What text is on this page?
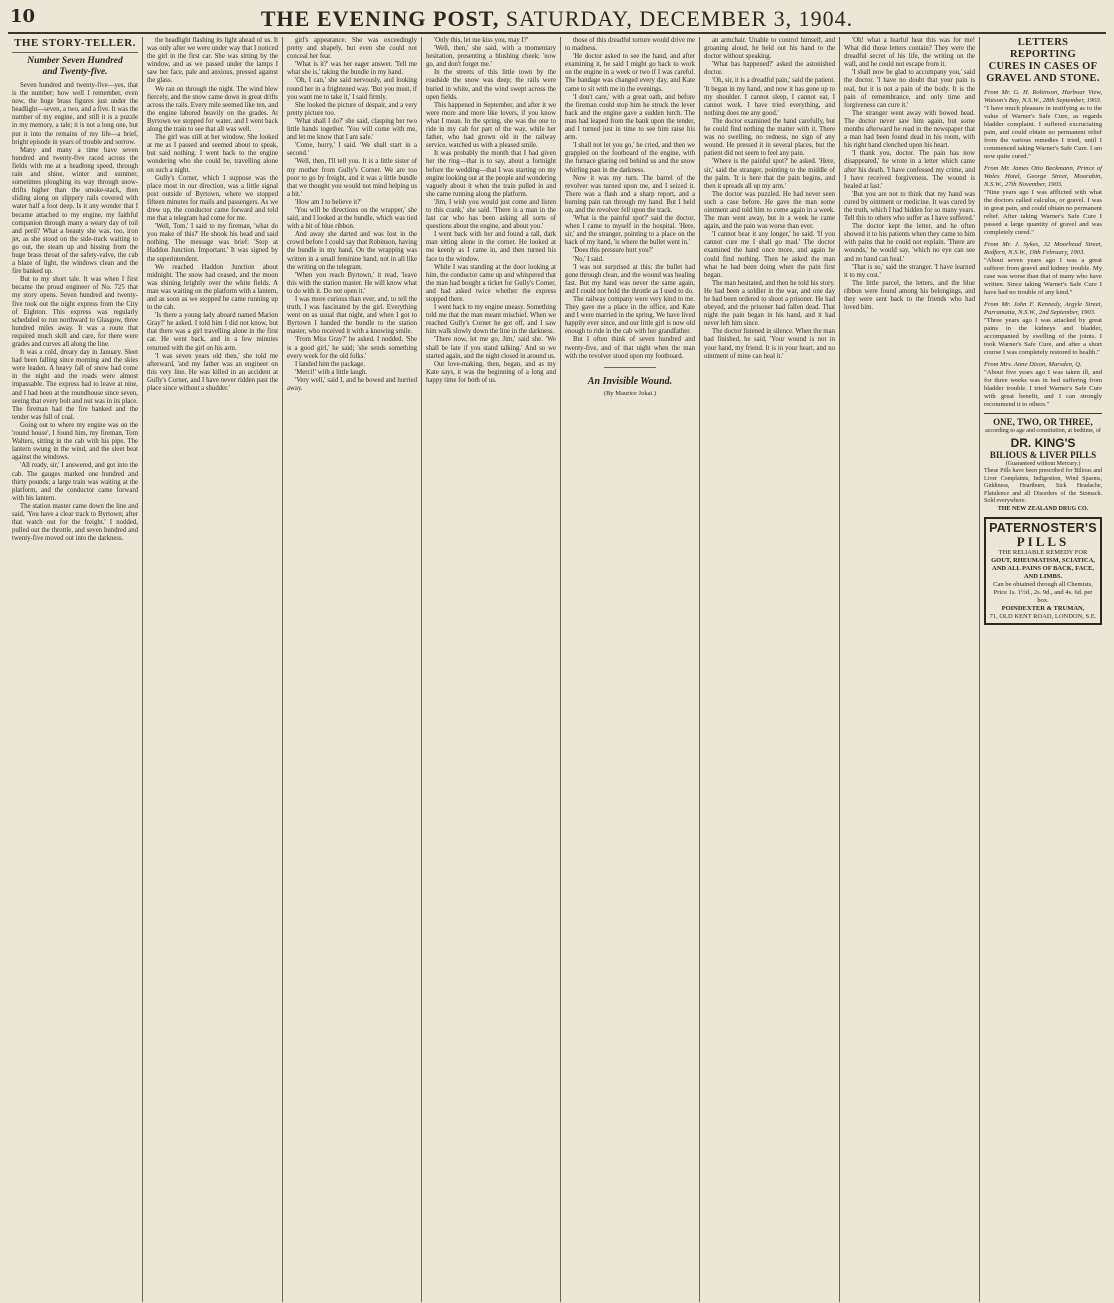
10	THE EVENING POST, SATURDAY, DECEMBER 3, 1904.
THE STORY-TELLER.
Number Seven Hundred
and Twenty-five.

Seven hundred and twenty-five—yes, that is the number; how well I remember, even now, the huge brass figures just under the headlight—seven, a two, and a five. It was the number of my engine, and still it is a puzzle in my memory, a tale; it is not a long one, but put it into the remains of my life—a brief, bright episode in years of trouble and sorrow.

Many and many a time have seven hundred and twenty-five raced across the fields with me at a headlong speed, through rain and shine, winter and summer, sometimes ploughing its way through snow-drifts higher than the smoke-stack, then sliding along on slippery rails covered with water half a foot deep. Is it any wonder that I became attached to my engine, my faithful companion through many a weary day of toil and peril? What a beauty she was, too, iron jet, as she stood on the side-track waiting to go out, the steam up and hissing from the huge brass throat of the safety-valve, the cab a blaze of light, the windows clean and the fire banked up.

But to my short tale. It was when I first became the proud engineer of No. 725 that my story opens. Seven hundred and twenty-five took out the night express from the City of Eighton. This express was regularly scheduled to run northward to Glasgow, three hundred miles away. It was a route that required much skill and care, for there were grades and curves all along the line.

It was a cold, dreary day in January. Sleet had been falling since morning and the skies were leaden. A heavy fall of snow had come in the night and the roads were almost impassable. The express had to leave at nine, and I had been at the roundhouse since seven, seeing that every bolt and nut was in its place. The fireman had the fire banked and the tender was full of coal.

Going out to where my engine was on the 'round house', I found him, my fireman, Tom Walters, sitting in the cab with his pipe. The lantern swung in the wind, and the sleet beat against the windows.

'All ready, sir,' I answered, and got into the cab. The gauges marked one hundred and thirty pounds; a large train was waiting at the platform, and the conductor came forward with his lantern.

The station master came down the line and said, 'You have a clear track to Byrtown; after that watch out for the freight.' I nodded, pulled out the throttle, and seven hundred and twenty-five moved out into the darkness.

the headlight flashing its light ahead of us. It was only after we were under way that I noticed the girl in the first car. She was sitting by the window, and as we passed under the lamps I saw her face, pale and anxious, pressed against the glass.

We ran on through the night. The wind blew fiercely, and the snow came down in great drifts across the rails. Every mile seemed like ten, and the engine labored heavily on the grades. At Byrtown we stopped for water, and I went back along the train to see that all was well.

The girl was still at her window. She looked at me as I passed and seemed about to speak, but said nothing. I went back to the engine wondering who she could be, travelling alone on such a night.

Gully's Corner, which I suppose was the place most in our direction, was a little signal post outside of Byrtown, where we stopped fifteen minutes for mails and passengers. As we drew up, the conductor came forward and told me that a telegram had come for me.

'Well, Tom,' I said to my fireman, 'what do you make of this?' He shook his head and said nothing. The message was brief: 'Stop at Haddon Junction. Important.' It was signed by the superintendent.

We reached Haddon Junction about midnight. The snow had ceased, and the moon was shining brightly over the white fields. A man was waiting on the platform with a lantern, and as soon as we stopped he came running up to the cab.

'Is there a young lady aboard named Marion Gray?' he asked. I told him I did not know, but that there was a girl travelling alone in the first car. He went back, and in a few minutes returned with the girl on his arm.

'I was seven years old then,' she told me afterward, 'and my father was an engineer on this very line. He was killed in an accident at Gully's Corner, and I have never ridden past the place since without a shudder.'

girl's appearance. She was exceedingly pretty and shapely, but even she could not conceal her fear.

'What is it?' was her eager answer. 'Tell me what she is,' taking the bundle in my hand.

'Oh, I can,' she said nervously, and looking round her in a frightened way. 'But you must, if you want me to take it,' I said firmly.

She looked the picture of despair, and a very pretty picture too.

'What shall I do?' she said, clasping her two little hands together. 'You will come with me, and let me know that I am safe.'

'Come, hurry,' I said. 'We shall start in a second.'

'Well, then, I'll tell you. It is a little sister of my mother from Gully's Corner. We are too poor to go by freight, and it was a little bundle that we thought you would not mind helping us a bit.'

'How am I to believe it?'

'You will be directions on the wrapper,' she said, and I looked at the bundle, which was tied with a bit of blue ribbon.

And away she darted and was lost in the crowd before I could say that Robinson, having the bundle in my hand, On the wrapping was written in a small feminine hand, not in all like the writing on the telegram.

'When you reach Byrtown,' it read, 'leave this with the station master. He will know what to do with it. Do not open it.'

I was more curious than ever, and, to tell the truth, I was fascinated by the girl. Everything went on as usual that night, and when I got to Byrtown I handed the bundle to the station master, who received it with a knowing smile.

'From Miss Gray?' he asked. I nodded. 'She is a good girl,' he said; 'she sends something every week for the old folks.'

I landed him the package.

'Merci!' with a little laugh.

'Very well,' said I, and he bowed and hurried away.

'Only this, let me kiss you, may I?'

'Well, then,' she said, with a momentary hesitation, presenting a blushing cheek; 'now go, and don't forget me.'

In the streets of this little town by the roadside the snow was deep; the rails were buried in white, and the wind swept across the open fields.

This happened in September, and after it we were more and more like lovers, if you know what I mean. In the spring, she was the one to ride in my cab for part of the way, while her father, who had grown old in the railway service, watched us with a pleased smile.

It was probably the month that I had given her the ring—that is to say, about a fortnight before the wedding—that I was starting on my engine looking out at the people and wondering vaguely about it when the train pulled in and she came running along the platform.

'Jim, I wish you would just come and listen to this crank,' she said. 'There is a man in the last car who has been asking all sorts of questions about the engine, and about you.'

I went back with her and found a tall, dark man sitting alone in the corner. He looked at me keenly as I came in, and then turned his face to the window.

While I was standing at the door looking at him, the conductor came up and whispered that the man had bought a ticket for Gully's Corner, and had asked twice whether the express stopped there.

I went back to my engine uneasy. Something told me that the man meant mischief. When we reached Gully's Corner he got off, and I saw him walk slowly down the line in the darkness.

'There now, let me go, Jim,' said she. 'We shall be late if you stand talking.' And so we started again, and the night closed in around us.

Our love-making, then, began, and as my Kate says, it was the beginning of a long and happy time for both of us.

those of this dreadful torture would drive me to madness.

'He doctor asked to see the hand, and after examining it, he said I might go back to work on the engine in a week or two if I was careful. The bandage was changed every day, and Kate came to sit with me in the evenings.

'I don't care,' with a great oath, and before the fireman could stop him he struck the lever back and the engine gave a sudden lurch. The man had leaped from the bank upon the tender, and I turned just in time to see him raise his arm.

'I shall not let you go,' he cried, and then we grappled on the footboard of the engine, with the furnace glaring red behind us and the snow whirling past in the darkness.

Now it was my turn. The barrel of the revolver was turned upon me, and I seized it. There was a flash and a sharp report, and a burning pain ran through my hand. But I held on, and the revolver fell upon the track.

'What is the painful spot?' said the doctor, when I came to myself in the hospital. 'Here, sir,' and the stranger, pointing to a place on the back of my hand, 'is where the bullet went in.'

'Does this pressure hurt you?'

'No,' I said.

'I was not surprised at this; the bullet had gone through clean, and the wound was healing fast. But my hand was never the same again, and I could not hold the throttle as I used to do.

The railway company were very kind to me. They gave me a place in the office, and Kate and I were married in the spring. We have lived happily ever since, and our little girl is now old enough to ride in the cab with her grandfather.

But I often think of seven hundred and twenty-five, and of that night when the man with the revolver stood upon my footboard.

An Invisible Wound.
(By Maurice Jokai.)

an armchair. Unable to control himself, and groaning aloud, he held out his hand to the doctor without speaking.

'What has happened?' asked the astonished doctor.

'Oh, sir, it is a dreadful pain,' said the patient. 'It began in my hand, and now it has gone up to my shoulder. I cannot sleep, I cannot eat, I cannot work. I have tried everything, and nothing does me any good.'

The doctor examined the hand carefully, but he could find nothing the matter with it. There was no swelling, no redness, no sign of any wound. He pressed it in several places, but the patient did not seem to feel any pain.

'Where is the painful spot?' he asked. 'Here, sir,' said the stranger, pointing to the middle of the palm. 'It is here that the pain begins, and then it spreads all up my arm.'

The doctor was puzzled. He had never seen such a case before. He gave the man some ointment and told him to come again in a week. The man went away, but in a week he came again, and the pain was worse than ever.

'I cannot bear it any longer,' he said. 'If you cannot cure me I shall go mad.' The doctor examined the hand once more, and again he could find nothing. Then he asked the man what he had been doing when the pain first began.

The man hesitated, and then he told his story. He had been a soldier in the war, and one day he had been ordered to shoot a prisoner. He had obeyed, and the prisoner had fallen dead. That night the pain began in his hand, and it had never left him since.

The doctor listened in silence. When the man had finished, he said, 'Your wound is not in your hand, my friend. It is in your heart, and no ointment of mine can heal it.'

'Oh! what a fearful heat this was for me! What did those letters contain? They were the dreadful secret of his life, the writing on the wall, and he could not escape from it.

'I shall now be glad to accompany you,' said the doctor. 'I have no doubt that your pain is real, but it is not a pain of the body. It is the pain of remembrance, and only time and forgiveness can cure it.'

The stranger went away with bowed head. The doctor never saw him again, but some months afterward he read in the newspaper that a man had been found dead in his room, with his right hand clenched upon his heart.

'I thank you, doctor. The pain has now disappeared,' he wrote in a letter which came after his death. 'I have confessed my crime, and I have received forgiveness. The wound is healed at last.'

'But you are not to think that my hand was cured by ointment or medicine. It was cured by the truth, which I had hidden for so many years. Tell this to others who suffer as I have suffered.'

The doctor kept the letter, and he often showed it to his patients when they came to him with pains that he could not explain. 'There are wounds,' he would say, 'which no eye can see and no hand can heal.'

'That is so,' said the stranger. 'I have learned it to my cost.'

The little parcel, the letters, and the blue ribbon were found among his belongings, and they were sent back to the friends who had loved him.

LETTERS REPORTING
CURES IN CASES OF
GRAVEL AND STONE.
From Mr. G. H. Robinson, Harbour View, Watson's Bay, N.S.W., 28th September, 1903.
"I have much pleasure in testifying as to the value of Warner's Safe Cure, as regards bladder complaint. I suffered excruciating pain, and could obtain no permanent relief from the various remedies I tried, until I commenced taking Warner's Safe Cure. I am now quite cured."
From Mr. James Otto Beckmann, Prince of Wales Hotel, George Street, Moorabin, N.S.W., 27th November, 1903.
"Nine years ago I was afflicted with what the doctors called calculus, or gravel. I was in great pain, and could obtain no permanent relief. After taking Warner's Safe Cure I passed a large quantity of gravel and was completely cured."
From Mr. J. Sykes, 32 Moorhead Street, Redfern, N.S.W., 19th February, 1903.
"About seven years ago I was a great sufferer from gravel and kidney trouble. My case was worse than that of many who have written. Since taking Warner's Safe Cure I have had no trouble of any kind."
From Mr. John F. Kennedy, Argyle Street, Parramatta, N.S.W., 2nd September, 1903.
"Three years ago I was attacked by great pains in the kidneys and bladder, accompanied by swelling of the joints. I took Warner's Safe Cure, and after a short course I was completely restored to health."
From Mrs. Anne Dixon, Marsden, Q.
"About five years ago I was taken ill, and for three weeks was in bed suffering from bladder trouble. I tried Warner's Safe Cure with great benefit, and I can strongly recommend it to others."
ONE, TWO, OR THREE,
according to age and constitution, at bedtime, of
DR. KING'S
BILIOUS & LIVER PILLS
(Guaranteed without Mercury.)
These Pills have been prescribed for Bilious and Liver Complaints, Indigestion, Wind Spasms, Giddiness, Heartburn, Sick Headache, Flatulence and all Disorders of the Stomach. Sold everywhere.
THE NEW ZEALAND DRUG CO.
PATERNOSTER'S
PILLS
THE RELIABLE REMEDY FOR
GOUT, RHEUMATISM, SCIATICA, AND ALL PAINS OF BACK, FACE, AND LIMBS.
Can be obtained through all Chemists, Price 1s. 1½d., 2s. 9d., and 4s. 6d. per box.
POINDEXTER & TRUMAN,
71, OLD KENT ROAD, LONDON, S.E.
